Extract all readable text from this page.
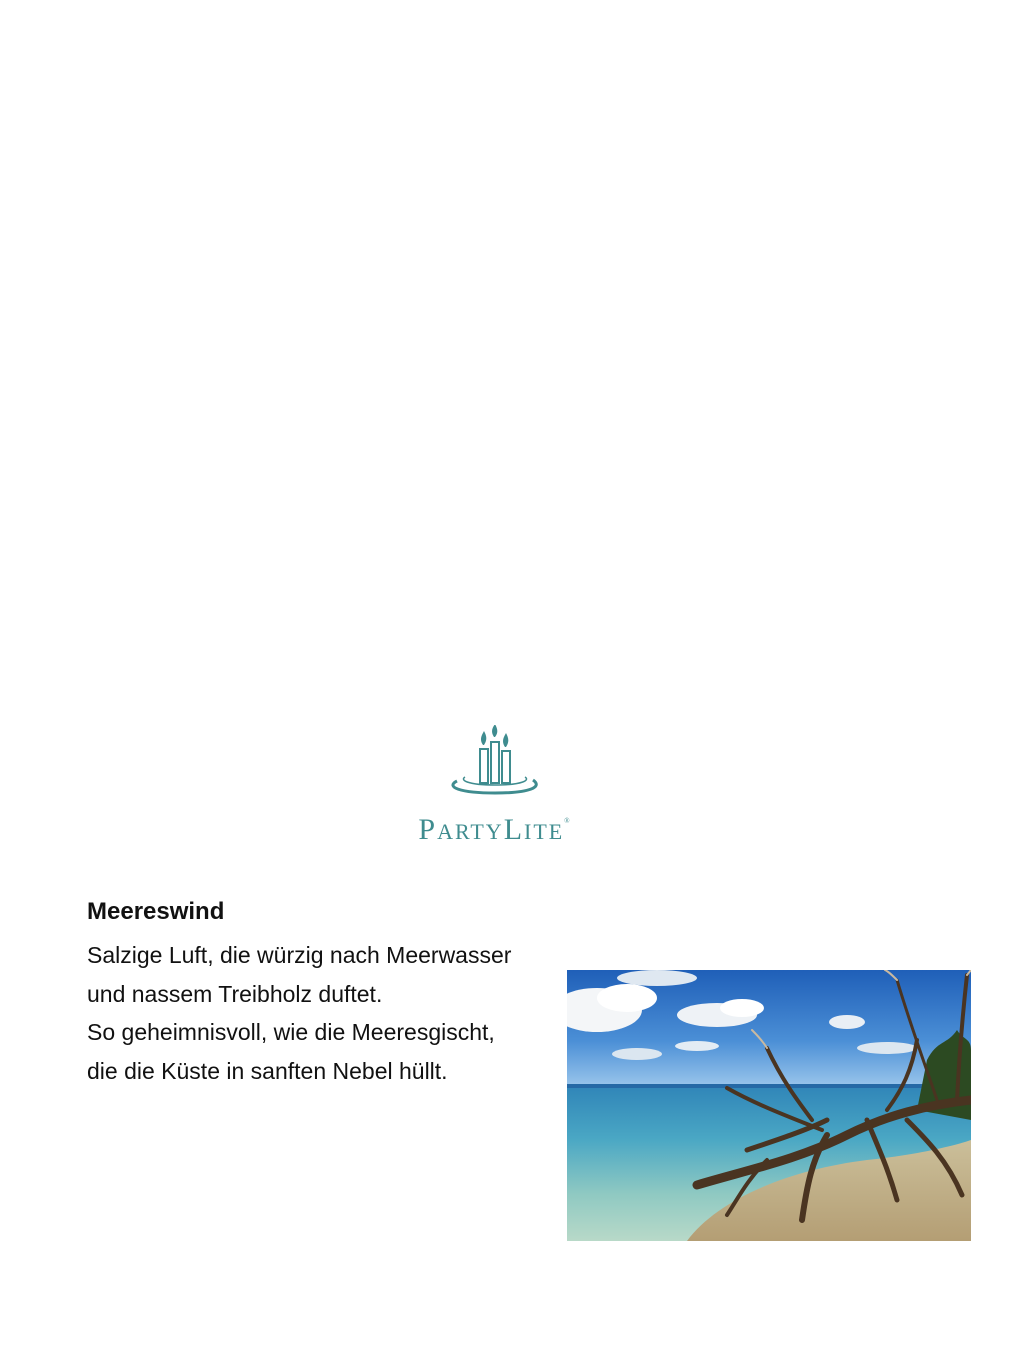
PARTYLITE®

Meereswind

Salzige Luft, die würzig nach Meerwasser

und nassem Treibholz duftet.

So geheimnisvoll, wie die Meeresgischt,

die die Küste in sanften Nebel hüllt.
